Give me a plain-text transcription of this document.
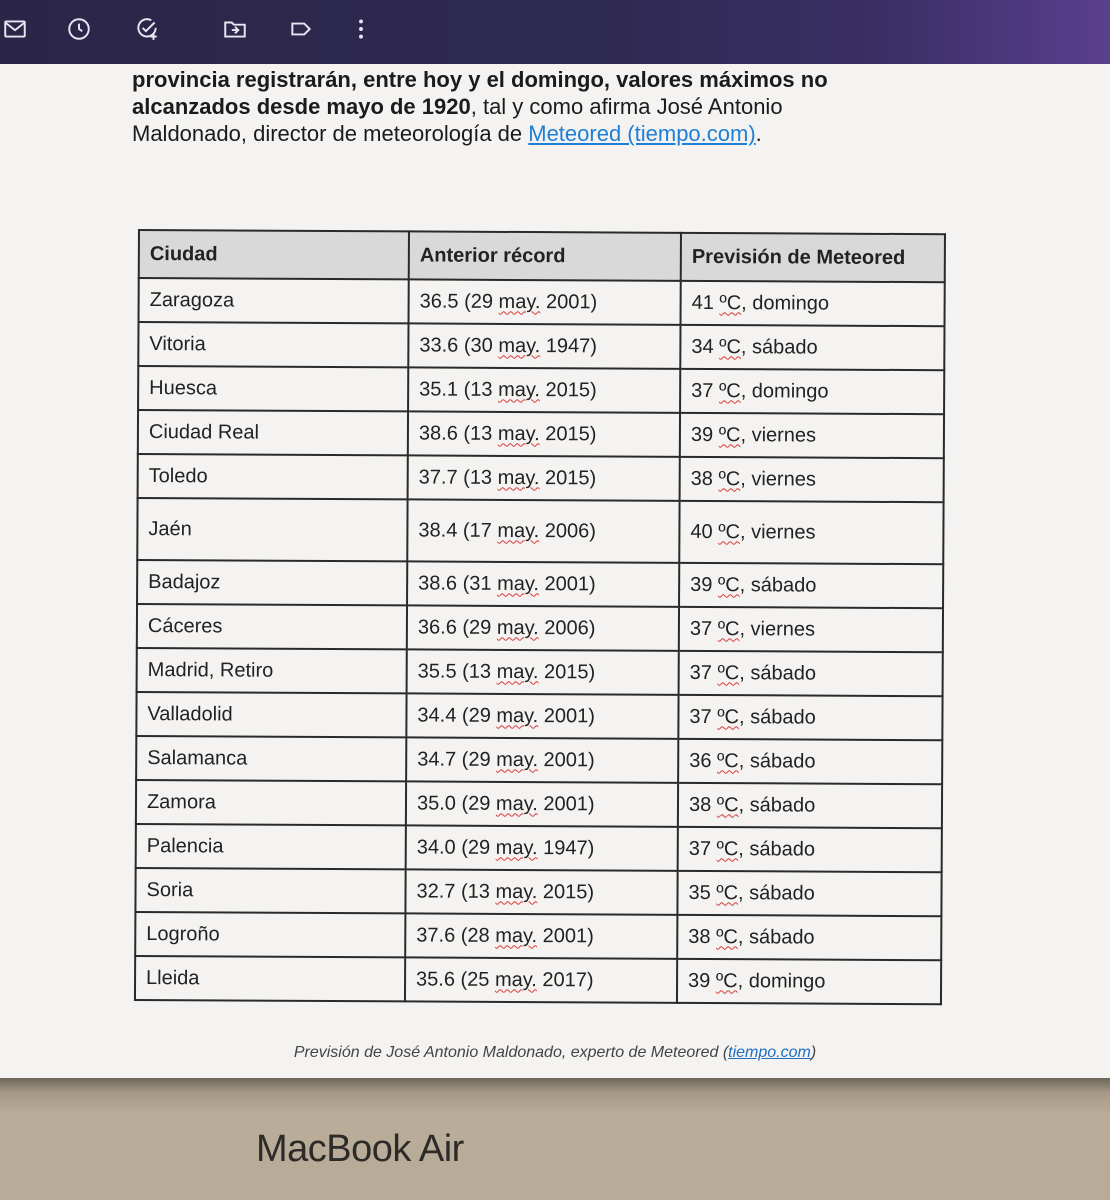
provincia registrarán, entre hoy y el domingo, valores máximos no
alcanzados desde mayo de 1920, tal y como afirma José Antonio
Maldonado, director de meteorología de Meteored (tiempo.com).
Ciudad	Anterior récord	Previsión de Meteored
Zaragoza	36.5 (29 may. 2001)	41 ºC, domingo
Vitoria	33.6 (30 may. 1947)	34 ºC, sábado
Huesca	35.1 (13 may. 2015)	37 ºC, domingo
Ciudad Real	38.6 (13 may. 2015)	39 ºC, viernes
Toledo	37.7 (13 may. 2015)	38 ºC, viernes
Jaén	38.4 (17 may. 2006)	40 ºC, viernes
Badajoz	38.6 (31 may. 2001)	39 ºC, sábado
Cáceres	36.6 (29 may. 2006)	37 ºC, viernes
Madrid, Retiro	35.5 (13 may. 2015)	37 ºC, sábado
Valladolid	34.4 (29 may. 2001)	37 ºC, sábado
Salamanca	34.7 (29 may. 2001)	36 ºC, sábado
Zamora	35.0 (29 may. 2001)	38 ºC, sábado
Palencia	34.0 (29 may. 1947)	37 ºC, sábado
Soria	32.7 (13 may. 2015)	35 ºC, sábado
Logroño	37.6 (28 may. 2001)	38 ºC, sábado
Lleida	35.6 (25 may. 2017)	39 ºC, domingo
Previsión de José Antonio Maldonado, experto de Meteored (tiempo.com)
MacBook Air
